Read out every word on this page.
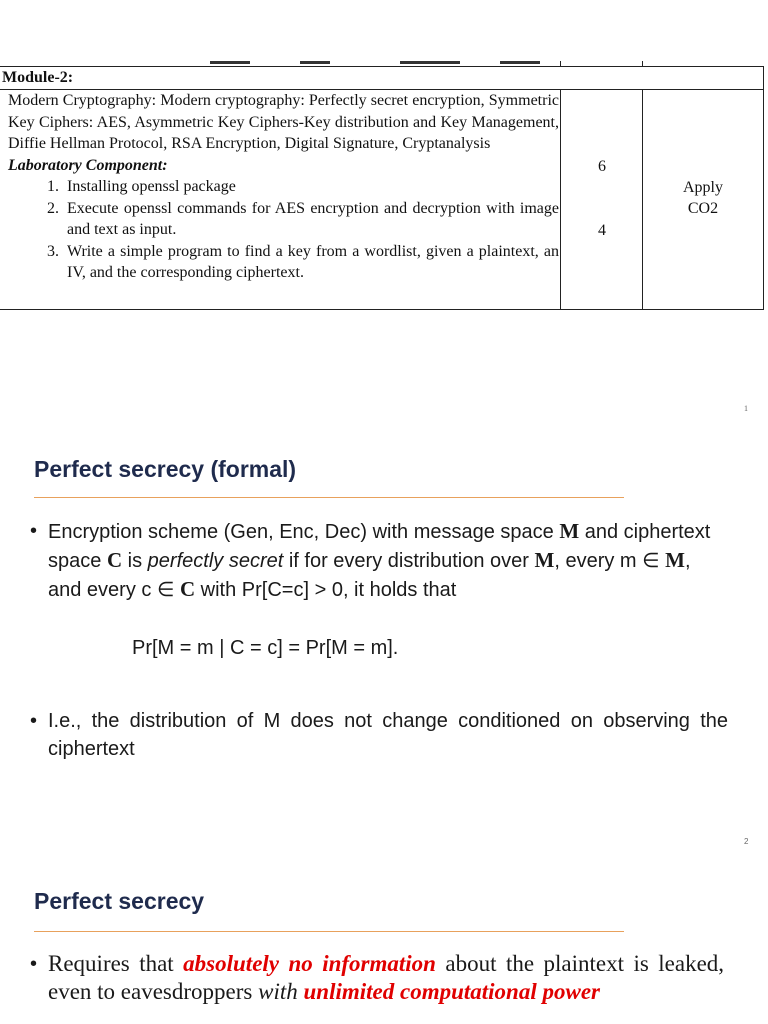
Module-2:

Modern Cryptography: Modern cryptography: Perfectly secret encryption, Symmetric Key Ciphers: AES, Asymmetric Key Ciphers-Key distribution and Key Management, Diffie Hellman Protocol, RSA Encryption, Digital Signature, Cryptanalysis

Laboratory Component:

1. Installing openssl package
2. Execute openssl commands for AES encryption and decryption with image and text as input.
3. Write a simple program to find a key from a wordlist, given a plaintext, an IV, and the corresponding ciphertext.
6
4
Apply
CO2
1
Perfect secrecy (formal)
• Encryption scheme (Gen, Enc, Dec) with message space M and ciphertext space C is perfectly secret if for every distribution over M, every m ∈ M, and every c ∈ C with Pr[C=c] > 0, it holds that
Pr[M = m | C = c] = Pr[M = m].
• I.e., the distribution of M does not change conditioned on observing the ciphertext
2
Perfect secrecy
• Requires that absolutely no information about the plaintext is leaked, even to eavesdroppers with unlimited computational power
